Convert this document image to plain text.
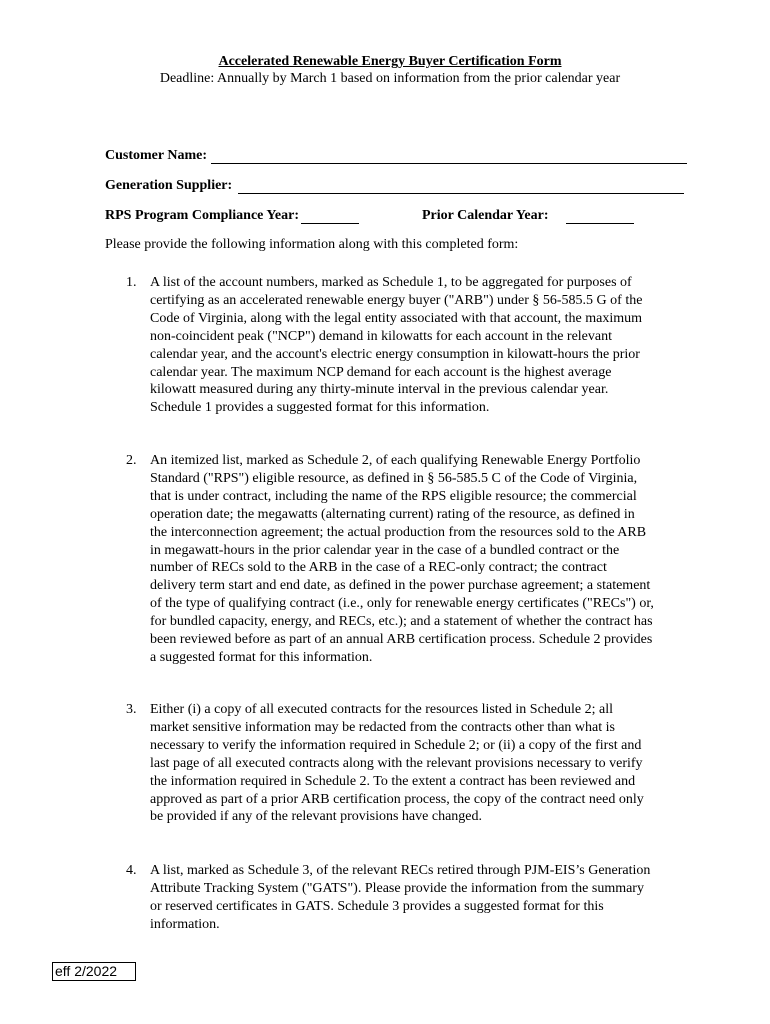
Accelerated Renewable Energy Buyer Certification Form
Deadline: Annually by March 1 based on information from the prior calendar year
Customer Name:
Generation Supplier:
RPS Program Compliance Year:	Prior Calendar Year:
Please provide the following information along with this completed form:
1. A list of the account numbers, marked as Schedule 1, to be aggregated for purposes of certifying as an accelerated renewable energy buyer ("ARB") under § 56-585.5 G of the Code of Virginia, along with the legal entity associated with that account, the maximum non-coincident peak ("NCP") demand in kilowatts for each account in the relevant calendar year, and the account's electric energy consumption in kilowatt-hours the prior calendar year. The maximum NCP demand for each account is the highest average kilowatt measured during any thirty-minute interval in the previous calendar year. Schedule 1 provides a suggested format for this information.
2. An itemized list, marked as Schedule 2, of each qualifying Renewable Energy Portfolio Standard ("RPS") eligible resource, as defined in § 56-585.5 C of the Code of Virginia, that is under contract, including the name of the RPS eligible resource; the commercial operation date; the megawatts (alternating current) rating of the resource, as defined in the interconnection agreement; the actual production from the resources sold to the ARB in megawatt-hours in the prior calendar year in the case of a bundled contract or the number of RECs sold to the ARB in the case of a REC-only contract; the contract delivery term start and end date, as defined in the power purchase agreement; a statement of the type of qualifying contract (i.e., only for renewable energy certificates ("RECs") or, for bundled capacity, energy, and RECs, etc.); and a statement of whether the contract has been reviewed before as part of an annual ARB certification process. Schedule 2 provides a suggested format for this information.
3. Either (i) a copy of all executed contracts for the resources listed in Schedule 2; all market sensitive information may be redacted from the contracts other than what is necessary to verify the information required in Schedule 2; or (ii) a copy of the first and last page of all executed contracts along with the relevant provisions necessary to verify the information required in Schedule 2. To the extent a contract has been reviewed and approved as part of a prior ARB certification process, the copy of the contract need only be provided if any of the relevant provisions have changed.
4. A list, marked as Schedule 3, of the relevant RECs retired through PJM-EIS’s Generation Attribute Tracking System ("GATS"). Please provide the information from the summary or reserved certificates in GATS. Schedule 3 provides a suggested format for this information.
eff 2/2022
